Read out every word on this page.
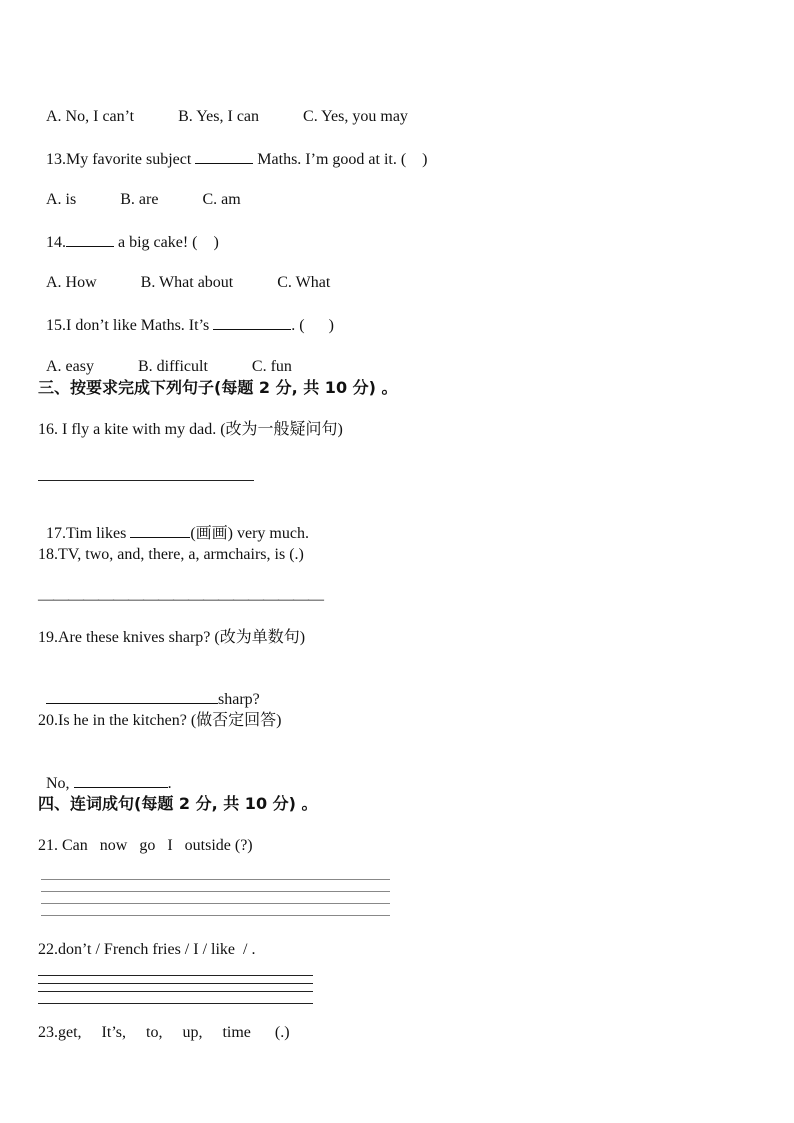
A. No, I can’t	B. Yes, I can	C. Yes, you may

13.My favorite subject	Maths. I’m good at it. (    )

A. is	B. are	C. am

14.	a big cake! (    )

A. How	B. What about	C. What

15.I don’t like Maths. It’s	. (      )

A. easy	B. difficult	C. fun

三、按要求完成下列句子(每题 2 分, 共 10 分) 。
16. I fly a kite with my dad. (改为一般疑问句)

17.Tim likes	(画画) very much.

18.TV, two, and, there, a, armchairs, is (.)
———————————————————
19.Are these knives sharp? (改为单数句)

sharp?

20.Is he in the kitchen? (做否定回答)

No,	.

四、连词成句(每题 2 分, 共 10 分) 。
21. Can   now   go   I   outside (?)
22.don’t / French fries / I / like  / .
23.get,     It’s,     to,     up,     time      (.)
